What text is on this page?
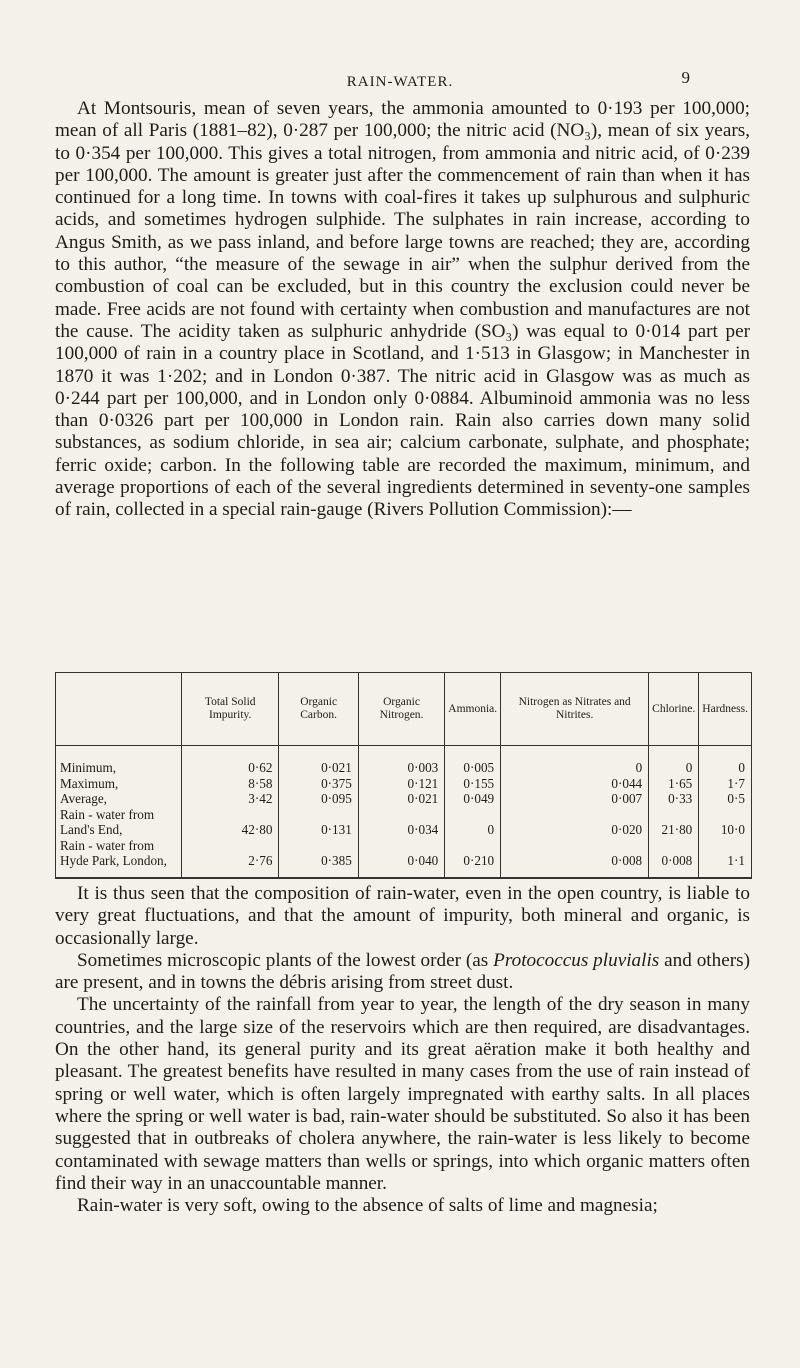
RAIN-WATER.	9

At Montsouris, mean of seven years, the ammonia amounted to 0·193 per 100,000; mean of all Paris (1881–82), 0·287 per 100,000; the nitric acid (NO₃), mean of six years, to 0·354 per 100,000. This gives a total nitrogen, from ammonia and nitric acid, of 0·239 per 100,000. The amount is greater just after the commencement of rain than when it has continued for a long time. In towns with coal-fires it takes up sulphurous and sulphuric acids, and sometimes hydrogen sulphide. The sulphates in rain increase, according to Angus Smith, as we pass inland, and before large towns are reached; they are, according to this author, “the measure of the sewage in air” when the sulphur derived from the combustion of coal can be excluded, but in this country the exclusion could never be made. Free acids are not found with certainty when combustion and manufactures are not the cause. The acidity taken as sulphuric anhydride (SO₃) was equal to 0·014 part per 100,000 of rain in a country place in Scotland, and 1·513 in Glasgow; in Manchester in 1870 it was 1·202; and in London 0·387. The nitric acid in Glasgow was as much as 0·244 part per 100,000, and in London only 0·0884. Albuminoid ammonia was no less than 0·0326 part per 100,000 in London rain. Rain also carries down many solid substances, as sodium chloride, in sea air; calcium carbonate, sulphate, and phosphate; ferric oxide; carbon. In the following table are recorded the maximum, minimum, and average proportions of each of the several ingredients determined in seventy-one samples of rain, collected in a special rain-gauge (Rivers Pollution Commission):—

	Total Solid Impurity.	Organic Carbon.	Organic Nitrogen.	Ammonia.	Nitrogen as Nitrates and Nitrites.	Chlorine.	Hardness.
Minimum,	0·62	0·021	0·003	0·005	0	0	0
Maximum,	8·58	0·375	0·121	0·155	0·044	1·65	1·7
Average,	3·42	0·095	0·021	0·049	0·007	0·33	0·5
Rain - water from
Land's End,	42·80	0·131	0·034	0	0·020	21·80	10·0
Rain - water from
Hyde Park, London,	2·76	0·385	0·040	0·210	0·008	0·008	1·1

It is thus seen that the composition of rain-water, even in the open country, is liable to very great fluctuations, and that the amount of impurity, both mineral and organic, is occasionally large.

Sometimes microscopic plants of the lowest order (as Protococcus pluvialis and others) are present, and in towns the débris arising from street dust.

The uncertainty of the rainfall from year to year, the length of the dry season in many countries, and the large size of the reservoirs which are then required, are disadvantages. On the other hand, its general purity and its great aëration make it both healthy and pleasant. The greatest benefits have resulted in many cases from the use of rain instead of spring or well water, which is often largely impregnated with earthy salts. In all places where the spring or well water is bad, rain-water should be substituted. So also it has been suggested that in outbreaks of cholera anywhere, the rain-water is less likely to become contaminated with sewage matters than wells or springs, into which organic matters often find their way in an unaccountable manner.

Rain-water is very soft, owing to the absence of salts of lime and magnesia;
